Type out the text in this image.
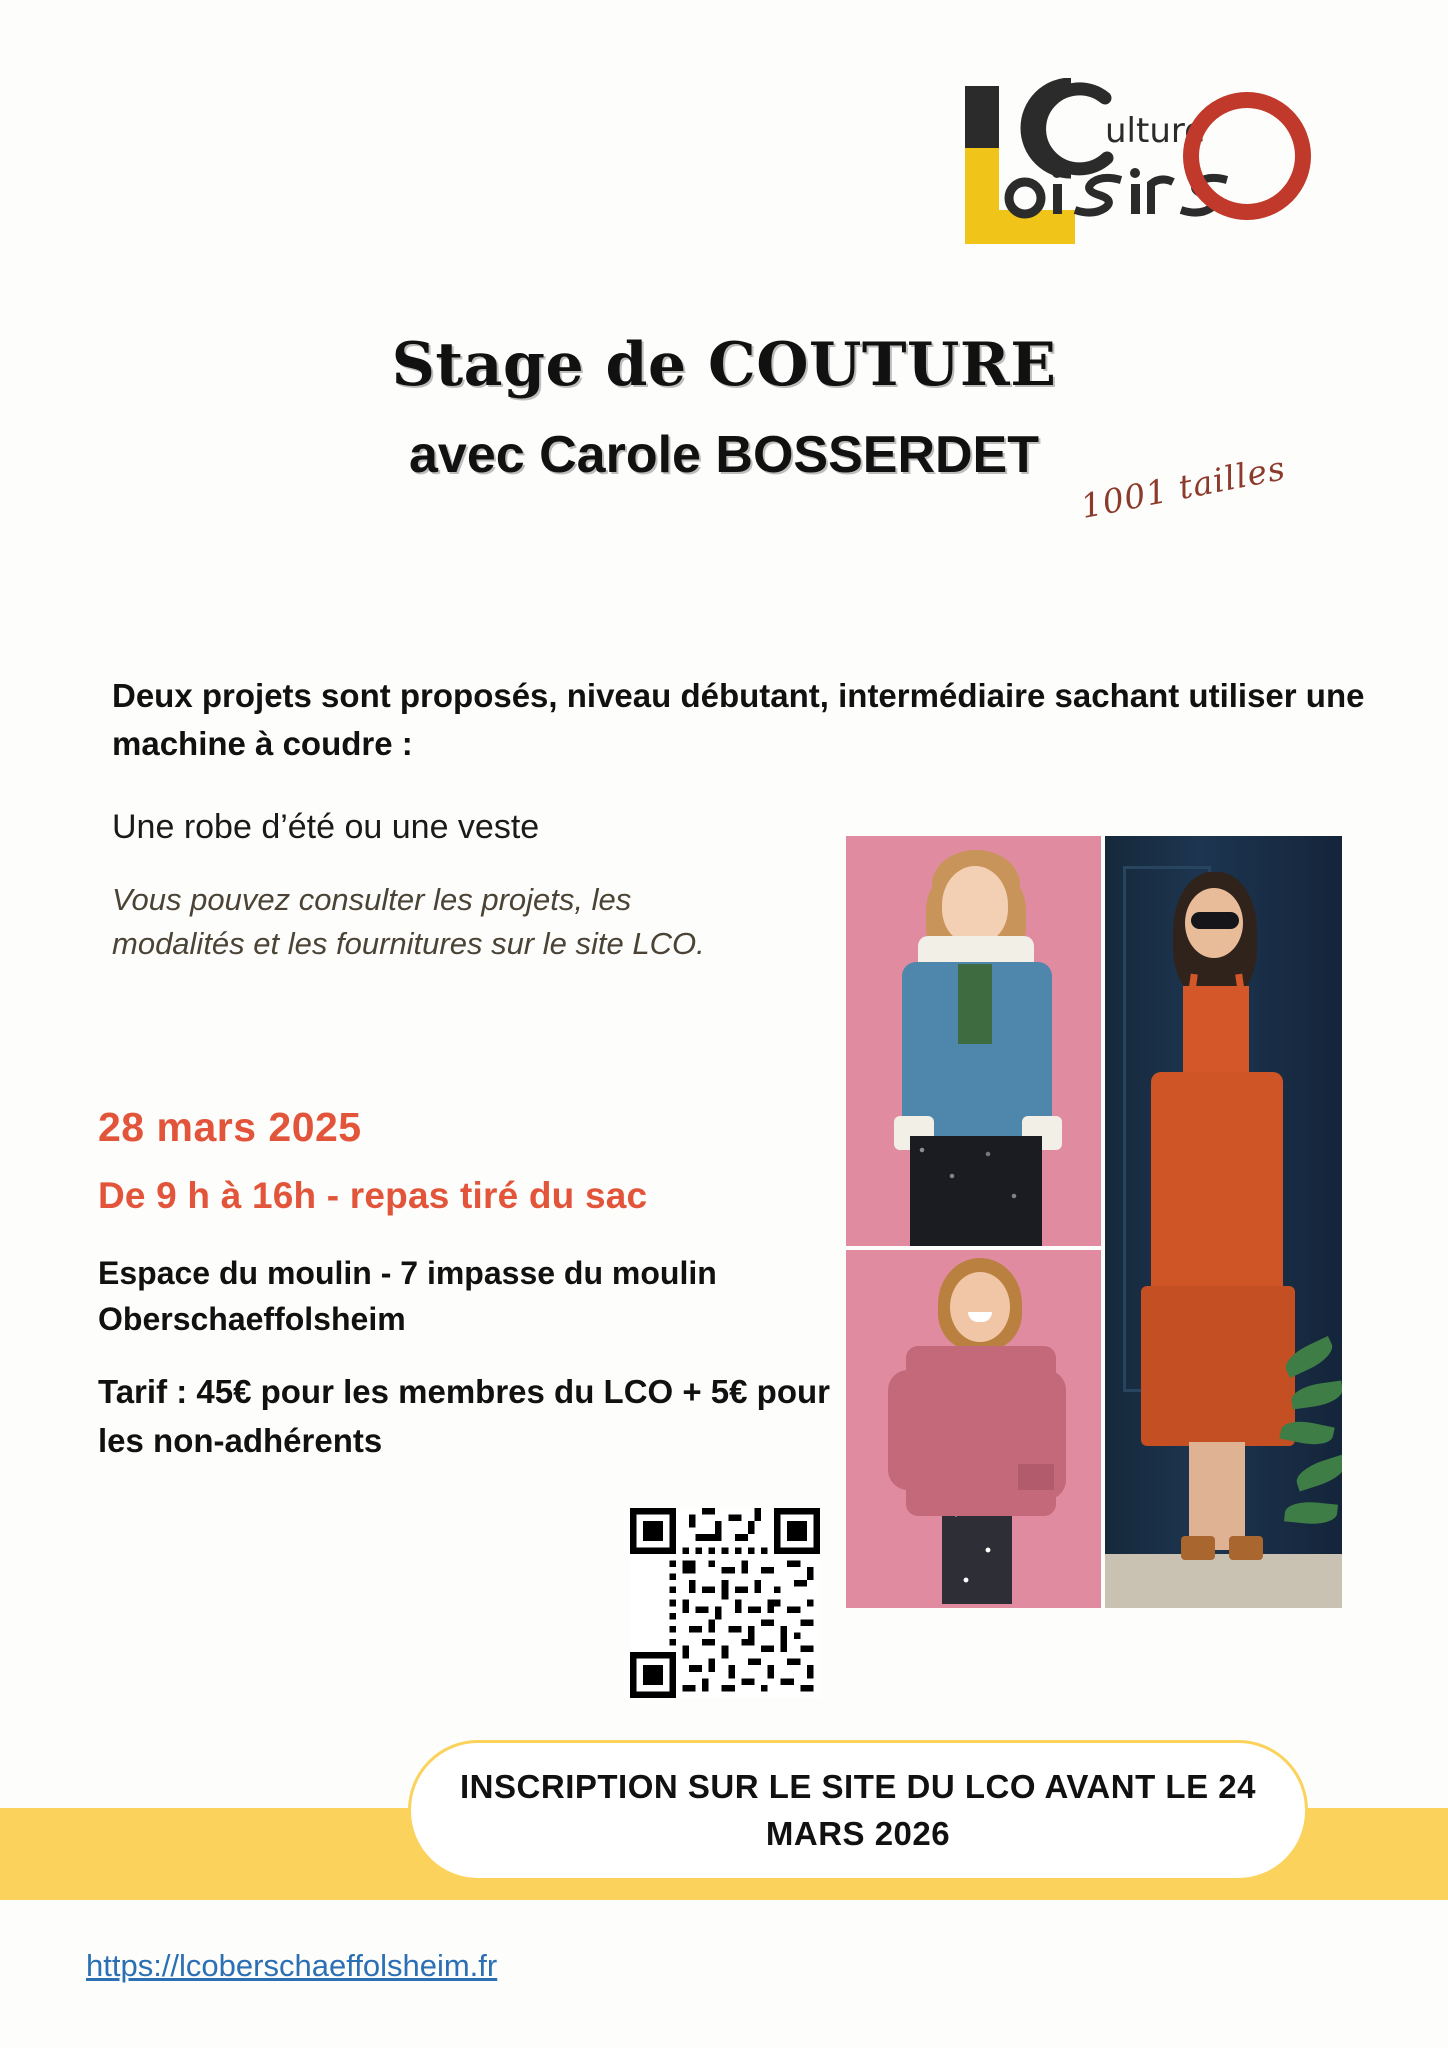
ulture
Stage de COUTURE
avec Carole BOSSERDET	1001 tailles
Deux projets sont proposés, niveau débutant, intermédiaire sachant utiliser une machine à coudre :
Une robe d’été ou une veste
Vous pouvez consulter les projets, les modalités et les fournitures sur le site LCO.
28 mars 2025
De 9 h à 16h - repas tiré du sac
Espace du moulin - 7 impasse du moulin Oberschaeffolsheim
Tarif : 45€ pour les membres du LCO + 5€ pour les non-adhérents
INSCRIPTION SUR LE SITE DU LCO AVANT LE 24 MARS 2026
https://lcoberschaeffolsheim.fr
